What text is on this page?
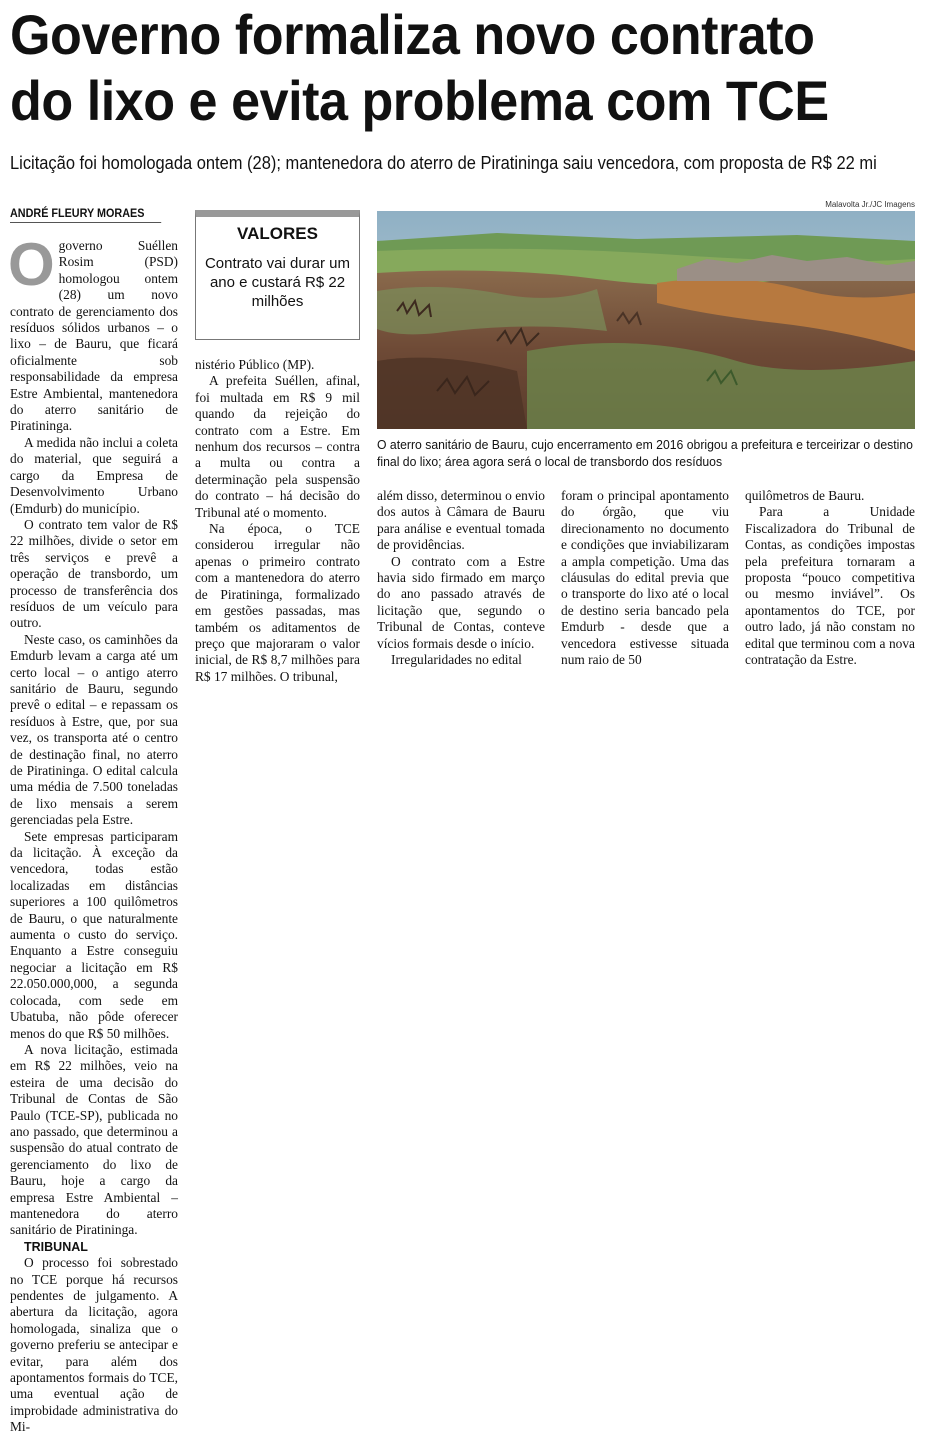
Governo formaliza novo contrato do lixo e evita problema com TCE
Licitação foi homologada ontem (28); mantenedora do aterro de Piratininga saiu vencedora, com proposta de R$ 22 mi
ANDRÉ FLEURY MORAES

Ogoverno Suéllen Rosim (PSD) homologou ontem (28) um novo contrato de gerenciamento dos resíduos sólidos urbanos – o lixo – de Bauru, que ficará oficialmente sob responsabilidade da empresa Estre Ambiental, mantenedora do aterro sanitário de Piratininga.

A medida não inclui a coleta do material, que seguirá a cargo da Empresa de Desenvolvimento Urbano (Emdurb) do município.

O contrato tem valor de R$ 22 milhões, divide o setor em três serviços e prevê a operação de transbordo, um processo de transferência dos resíduos de um veículo para outro.

Neste caso, os caminhões da Emdurb levam a carga até um certo local – o antigo aterro sanitário de Bauru, segundo prevê o edital – e repassam os resíduos à Estre, que, por sua vez, os transporta até o centro de destinação final, no aterro de Piratininga. O edital calcula uma média de 7.500 toneladas de lixo mensais a serem gerenciadas pela Estre.

Sete empresas participaram da licitação. À exceção da vencedora, todas estão localizadas em distâncias superiores a 100 quilômetros de Bauru, o que naturalmente aumenta o custo do serviço. Enquanto a Estre conseguiu negociar a licitação em R$ 22.050.000,000, a segunda colocada, com sede em Ubatuba, não pôde oferecer menos do que R$ 50 milhões.

A nova licitação, estimada em R$ 22 milhões, veio na esteira de uma decisão do Tribunal de Contas de São Paulo (TCE-SP), publicada no ano passado, que determinou a suspensão do atual contrato de gerenciamento do lixo de Bauru, hoje a cargo da empresa Estre Ambiental – mantenedora do aterro sanitário de Piratininga.

TRIBUNAL

O processo foi sobrestado no TCE porque há recursos pendentes de julgamento. A abertura da licitação, agora homologada, sinaliza que o governo preferiu se antecipar e evitar, para além dos apontamentos formais do TCE, uma eventual ação de improbidade administrativa do Mi-

VALORES
Contrato vai durar um ano e custará R$ 22 milhões

nistério Público (MP).

A prefeita Suéllen, afinal, foi multada em R$ 9 mil quando da rejeição do contrato com a Estre. Em nenhum dos recursos – contra a multa ou contra a determinação pela suspensão do contrato – há decisão do Tribunal até o momento.

Na época, o TCE considerou irregular não apenas o primeiro contrato com a mantenedora do aterro de Piratininga, formalizado em gestões passadas, mas também os aditamentos de preço que majoraram o valor inicial, de R$ 8,7 milhões para R$ 17 milhões. O tribunal,

Malavolta Jr./JC Imagens
O aterro sanitário de Bauru, cujo encerramento em 2016 obrigou a prefeitura e terceirizar o destino final do lixo; área agora será o local de transbordo dos resíduos

além disso, determinou o envio dos autos à Câmara de Bauru para análise e eventual tomada de providências.

O contrato com a Estre havia sido firmado em março do ano passado através de licitação que, segundo o Tribunal de Contas, conteve vícios formais desde o início.

Irregularidades no edital

foram o principal apontamento do órgão, que viu direcionamento no documento e condições que inviabilizaram a ampla competição. Uma das cláusulas do edital previa que o transporte do lixo até o local de destino seria bancado pela Emdurb - desde que a vencedora estivesse situada num raio de 50

quilômetros de Bauru.

Para a Unidade Fiscalizadora do Tribunal de Contas, as condições impostas pela prefeitura tornaram a proposta “pouco competitiva ou mesmo inviável”. Os apontamentos do TCE, por outro lado, já não constam no edital que terminou com a nova contratação da Estre.
